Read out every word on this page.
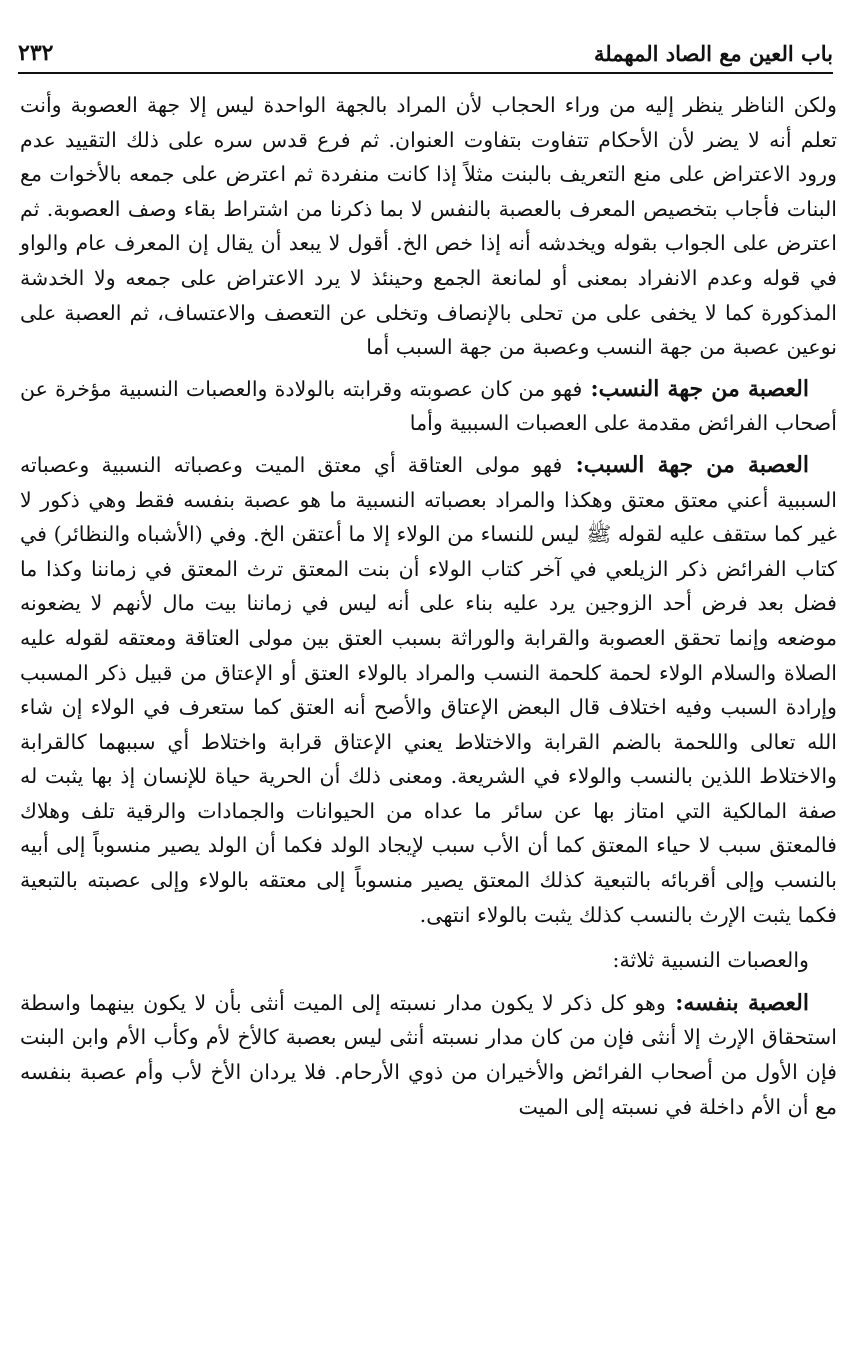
باب العين مع الصاد المهملة
٢٣٢

ولكن الناظر ينظر إليه من وراء الحجاب لأن المراد بالجهة الواحدة ليس إلا جهة العصوبة وأنت تعلم أنه لا يضر لأن الأحكام تتفاوت بتفاوت العنوان. ثم فرع قدس سره على ذلك التقييد عدم ورود الاعتراض على منع التعريف بالبنت مثلاً إذا كانت منفردة ثم اعترض على جمعه بالأخوات مع البنات فأجاب بتخصيص المعرف بالعصبة بالنفس لا بما ذكرنا من اشتراط بقاء وصف العصوبة. ثم اعترض على الجواب بقوله ويخدشه أنه إذا خص الخ. أقول لا يبعد أن يقال إن المعرف عام والواو في قوله وعدم الانفراد بمعنى أو لمانعة الجمع وحينئذ لا يرد الاعتراض على جمعه ولا الخدشة المذكورة كما لا يخفى على من تحلى بالإنصاف وتخلى عن التعصف والاعتساف، ثم العصبة على نوعين عصبة من جهة النسب وعصبة من جهة السبب أما

العصبة من جهة النسب: فهو من كان عصوبته وقرابته بالولادة والعصبات النسبية مؤخرة عن أصحاب الفرائض مقدمة على العصبات السببية وأما

العصبة من جهة السبب: فهو مولى العتاقة أي معتق الميت وعصباته النسبية وعصباته السببية أعني معتق معتق وهكذا والمراد بعصباته النسبية ما هو عصبة بنفسه فقط وهي ذكور لا غير كما ستقف عليه لقوله ﷺ ليس للنساء من الولاء إلا ما أعتقن الخ. وفي (الأشباه والنظائر) في كتاب الفرائض ذكر الزيلعي في آخر كتاب الولاء أن بنت المعتق ترث المعتق في زماننا وكذا ما فضل بعد فرض أحد الزوجين يرد عليه بناء على أنه ليس في زماننا بيت مال لأنهم لا يضعونه موضعه وإنما تحقق العصوبة والقرابة والوراثة بسبب العتق بين مولى العتاقة ومعتقه لقوله عليه الصلاة والسلام الولاء لحمة كلحمة النسب والمراد بالولاء العتق أو الإعتاق من قبيل ذكر المسبب وإرادة السبب وفيه اختلاف قال البعض الإعتاق والأصح أنه العتق كما ستعرف في الولاء إن شاء الله تعالى واللحمة بالضم القرابة والاختلاط يعني الإعتاق قرابة واختلاط أي سببهما كالقرابة والاختلاط اللذين بالنسب والولاء في الشريعة. ومعنى ذلك أن الحرية حياة للإنسان إذ بها يثبت له صفة المالكية التي امتاز بها عن سائر ما عداه من الحيوانات والجمادات والرقية تلف وهلاك فالمعتق سبب لا حياء المعتق كما أن الأب سبب لإيجاد الولد فكما أن الولد يصير منسوباً إلى أبيه بالنسب وإلى أقربائه بالتبعية كذلك المعتق يصير منسوباً إلى معتقه بالولاء وإلى عصبته بالتبعية فكما يثبت الإرث بالنسب كذلك يثبت بالولاء انتهى.

والعصبات النسبية ثلاثة:

العصبة بنفسه: وهو كل ذكر لا يكون مدار نسبته إلى الميت أنثى بأن لا يكون بينهما واسطة استحقاق الإرث إلا أنثى فإن من كان مدار نسبته أنثى ليس بعصبة كالأخ لأم وكأب الأم وابن البنت فإن الأول من أصحاب الفرائض والأخيران من ذوي الأرحام. فلا يردان الأخ لأب وأم عصبة بنفسه مع أن الأم داخلة في نسبته إلى الميت
